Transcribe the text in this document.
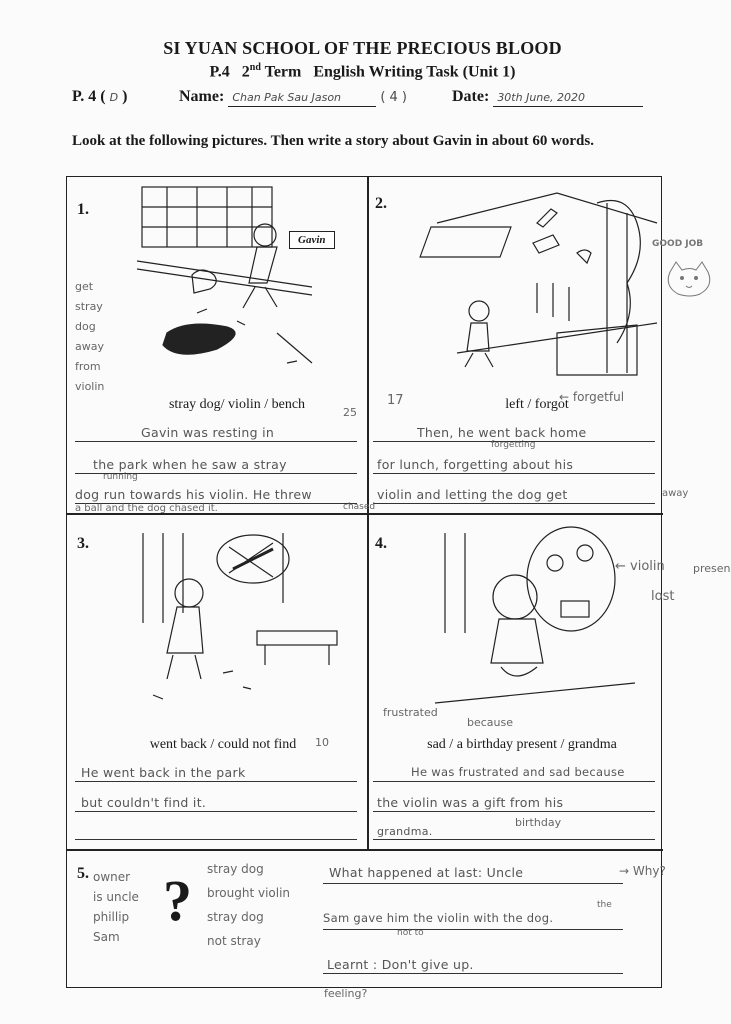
SI YUAN SCHOOL OF THE PRECIOUS BLOOD
P.4 2nd Term   English Writing Task (Unit 1)
P. 4 ( D )	Name: Chan Pak Sau Jason	( 4 )	Date: 30th June, 2020
Look at the following pictures. Then write a story about Gavin in about 60 words.
1.
Gavin
stray dog/ violin / bench
get
stray
dog
away
from
violin
25
Gavin was resting in
the park when he saw a stray
running
dog run towards his violin. He threw
a ball and the dog chased it.
2.
left / forgot
17	← forgetful
Then, he went back home
forgetting
for lunch, forgetting about his
violin and letting the dog get
chased
3.
went back / could not find	10
He went back in the park
but couldn't find it.
4.
sad / a birthday present / grandma
← violin	presen
lost
frustrated
because
He was frustrated and sad because
the violin was a gift from his
birthday
grandma.
5. ?
owner
is uncle
phillip
Sam
stray dog
brought violin
stray dog
not stray
What happened at last: Uncle	→ Why?
the
Sam gave him the violin with the dog.
not to
Learnt : Don't give up.
away
feeling?
GOOD JOB
